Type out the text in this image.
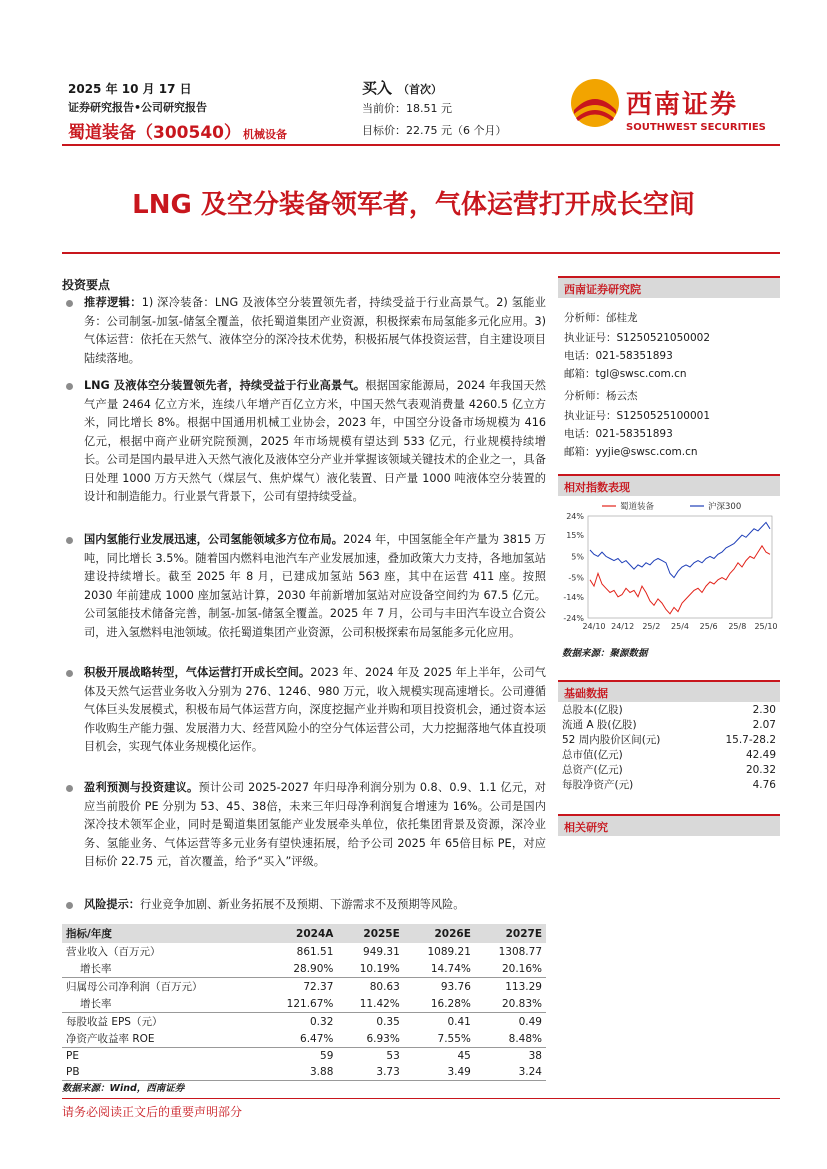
2025 年 10 月 17 日
证券研究报告•公司研究报告
蜀道装备（300540） 机械设备
买入 （首次）
当前价：18.51 元
目标价：22.75 元（6 个月）
西南证券
SOUTHWEST SECURITIES
LNG 及空分装备领军者，气体运营打开成长空间
投资要点
推荐逻辑：1) 深冷装备：LNG 及液体空分装置领先者，持续受益于行业高景气。2) 氢能业务：公司制氢-加氢-储氢全覆盖，依托蜀道集团产业资源，积极探索布局氢能多元化应用。3) 气体运营：依托在天然气、液体空分的深冷技术优势，积极拓展气体投资运营，自主建设项目陆续落地。
LNG 及液体空分装置领先者，持续受益于行业高景气。根据国家能源局，2024 年我国天然气产量 2464 亿立方米，连续八年增产百亿立方米，中国天然气表观消费量 4260.5 亿立方米，同比增长 8%。根据中国通用机械工业协会，2023 年，中国空分设备市场规模为 416 亿元，根据中商产业研究院预测，2025 年市场规模有望达到 533 亿元，行业规模持续增长。公司是国内最早进入天然气液化及液体空分产业并掌握该领域关键技术的企业之一，具备日处理 1000 万方天然气（煤层气、焦炉煤气）液化装置、日产量 1000 吨液体空分装置的设计和制造能力。行业景气背景下，公司有望持续受益。
国内氢能行业发展迅速，公司氢能领域多方位布局。2024 年，中国氢能全年产量为 3815 万吨，同比增长 3.5%。随着国内燃料电池汽车产业发展加速，叠加政策大力支持，各地加氢站建设持续增长。截至 2025 年 8 月，已建成加氢站 563 座，其中在运营 411 座。按照 2030 年前建成 1000 座加氢站计算，2030 年前新增加氢站对应设备空间约为 67.5 亿元。公司氢能技术储备完善，制氢-加氢-储氢全覆盖。2025 年 7 月，公司与丰田汽车设立合资公司，进入氢燃料电池领域。依托蜀道集团产业资源，公司积极探索布局氢能多元化应用。
积极开展战略转型，气体运营打开成长空间。2023 年、2024 年及 2025 年上半年，公司气体及天然气运营业务收入分别为 276、1246、980 万元，收入规模实现高速增长。公司遵循气体巨头发展模式，积极布局气体运营方向，深度挖掘产业并购和项目投资机会，通过资本运作收购生产能力强、发展潜力大、经营风险小的空分气体运营公司，大力挖掘落地气体直投项目机会，实现气体业务规模化运作。
盈利预测与投资建议。预计公司 2025-2027 年归母净利润分别为 0.8、0.9、1.1 亿元，对应当前股价 PE 分别为 53、45、38倍，未来三年归母净利润复合增速为 16%。公司是国内深冷技术领军企业，同时是蜀道集团氢能产业发展牵头单位，依托集团背景及资源，深冷业务、氢能业务、气体运营等多元业务有望快速拓展，给予公司 2025 年 65倍目标 PE，对应目标价 22.75 元，首次覆盖，给予“买入”评级。
风险提示：行业竞争加剧、新业务拓展不及预期、下游需求不及预期等风险。
指标/年度	2024A	2025E	2026E	2027E
营业收入（百万元）	861.51	949.31	1089.21	1308.77
增长率	28.90%	10.19%	14.74%	20.16%
归属母公司净利润（百万元）	72.37	80.63	93.76	113.29
增长率	121.67%	11.42%	16.28%	20.83%
每股收益 EPS（元）	0.32	0.35	0.41	0.49
净资产收益率 ROE	6.47%	6.93%	7.55%	8.48%
PE	59	53	45	38
PB	3.88	3.73	3.49	3.24
数据来源：Wind，西南证券
请务必阅读正文后的重要声明部分
西南证券研究院
分析师：邰桂龙
执业证号：S1250521050002
电话：021-58351893
邮箱：tgl@swsc.com.cn
分析师：杨云杰
执业证号：S1250525100001
电话：021-58351893
邮箱：yyjie@swsc.com.cn
相对指数表现
蜀道装备	沪深300
24%
15%
5%
-5%
-14%
-24%
24/10 24/12 25/2 25/4 25/6 25/8 25/10
数据来源：聚源数据
基础数据
总股本(亿股)	2.30
流通 A 股(亿股)	2.07
52 周内股价区间(元)	15.7-28.2
总市值(亿元)	42.49
总资产(亿元)	20.32
每股净资产(元)	4.76
相关研究
